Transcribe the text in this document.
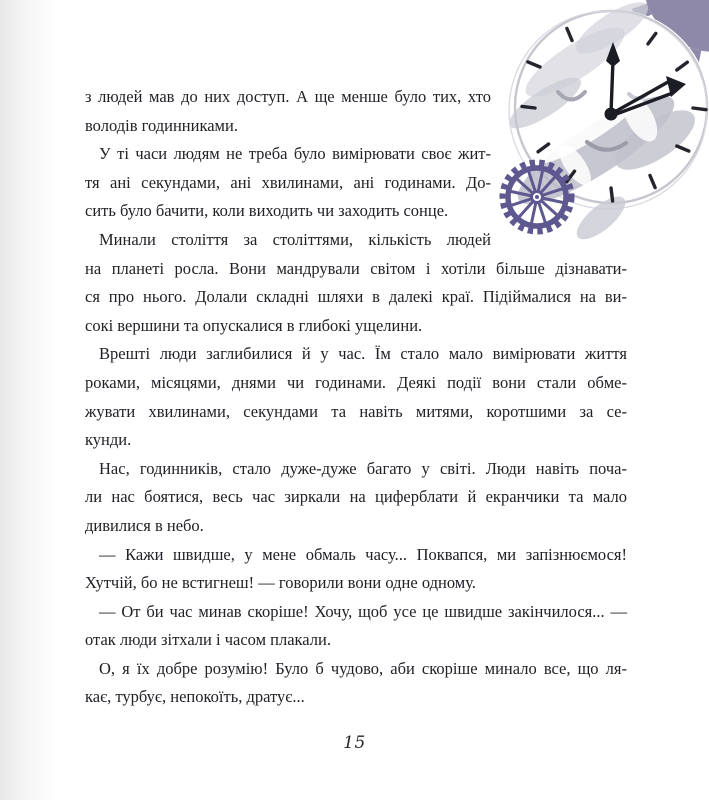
з людей мав до них доступ. А ще менше було тих, хто
володів годинниками.
У ті часи людям не треба було вимірювати своє жит-
тя ані секундами, ані хвилинами, ані годинами. До-
сить було бачити, коли виходить чи заходить сонце.
Минали століття за століттями, кількість людей
на планеті росла. Вони мандрували світом і хотіли більше дізнавати-
ся про нього. Долали складні шляхи в далекі краї. Підіймалися на ви-
сокі вершини та опускалися в глибокі ущелини.
Врешті люди заглибилися й у час. Їм стало мало вимірювати життя
роками, місяцями, днями чи годинами. Деякі події вони стали обме-
жувати хвилинами, секундами та навіть митями, коротшими за се-
кунди.
Нас, годинників, стало дуже-дуже багато у світі. Люди навіть поча-
ли нас боятися, весь час зиркали на циферблати й екранчики та мало
дивилися в небо.
— Кажи швидше, у мене обмаль часу... Поквапся, ми запізнюємося!
Хутчій, бо не встигнеш! — говорили вони одне одному.
— От би час минав скоріше! Хочу, щоб усе це швидше закінчилося... —
отак люди зітхали і часом плакали.
О, я їх добре розумію! Було б чудово, аби скоріше минало все, що ля-
кає, турбує, непокоїть, дратує...
15
